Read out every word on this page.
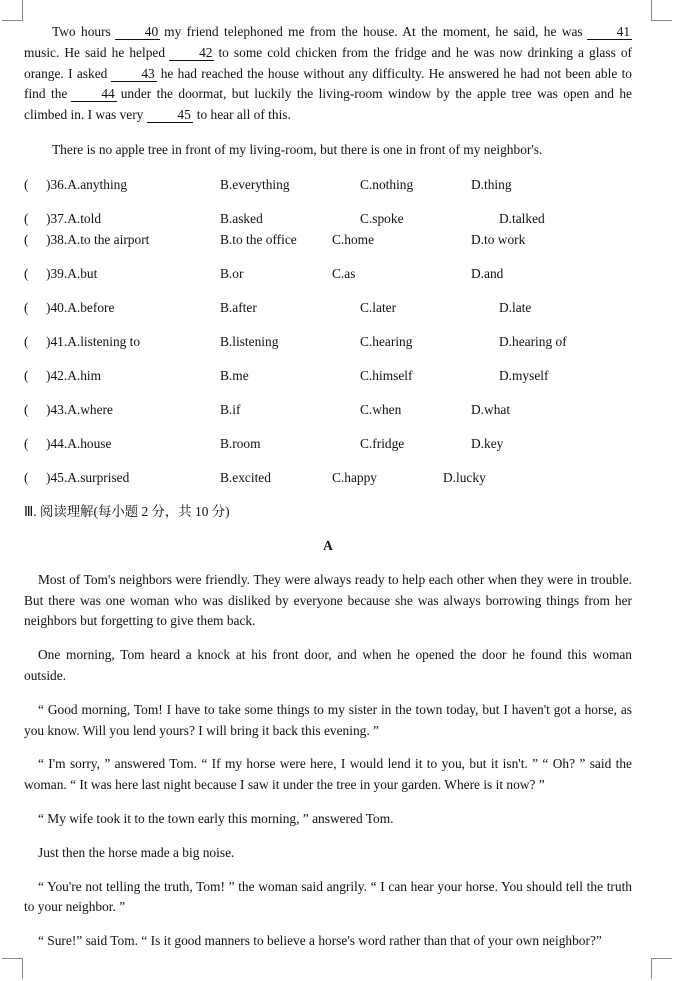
Two hours	40 my friend telephoned me from the house. At the moment, he said, he was	41 music. He said he helped	42 to some cold chicken from the fridge and he was now drinking a glass of orange. I asked	43 he had reached the house without any difficulty. He answered he had not been able to find the	44 under the doormat, but luckily the living-room window by the apple tree was open and he climbed in. I was very	45 to hear all of this.

There is no apple tree in front of my living-room, but there is one in front of my neighbor's.

( )36.A.anything	B.everything	C.nothing	D.thing
( )37.A.told	B.asked	C.spoke	D.talked
( )38.A.to the airport	B.to the office	C.home	D.to work
( )39.A.but	B.or	C.as	D.and
( )40.A.before	B.after	C.later	D.late
( )41.A.listening to	B.listening	C.hearing	D.hearing of
( )42.A.him	B.me	C.himself	D.myself
( )43.A.where	B.if	C.when	D.what
( )44.A.house	B.room	C.fridge	D.key
( )45.A.surprised	B.excited	C.happy	D.lucky

Ⅲ. 阅读理解(每小题 2 分，共 10 分)

A

Most of Tom's neighbors were friendly. They were always ready to help each other when they were in trouble. But there was one woman who was disliked by everyone because she was always borrowing things from her neighbors but forgetting to give them back.

One morning, Tom heard a knock at his front door, and when he opened the door he found this woman outside.

“ Good morning, Tom! I have to take some things to my sister in the town today, but I haven't got a horse, as you know. Will you lend yours? I will bring it back this evening. ”

“ I'm sorry, ” answered Tom. “ If my horse were here, I would lend it to you, but it isn't. ” “ Oh? ” said the woman. “ It was here last night because I saw it under the tree in your garden. Where is it now? ”

“ My wife took it to the town early this morning, ” answered Tom.

Just then the horse made a big noise.

“ You're not telling the truth, Tom! ” the woman said angrily. “ I can hear your horse. You should tell the truth to your neighbor. ”

“ Sure!” said Tom. “ Is it good manners to believe a horse's word rather than that of your own neighbor?”
